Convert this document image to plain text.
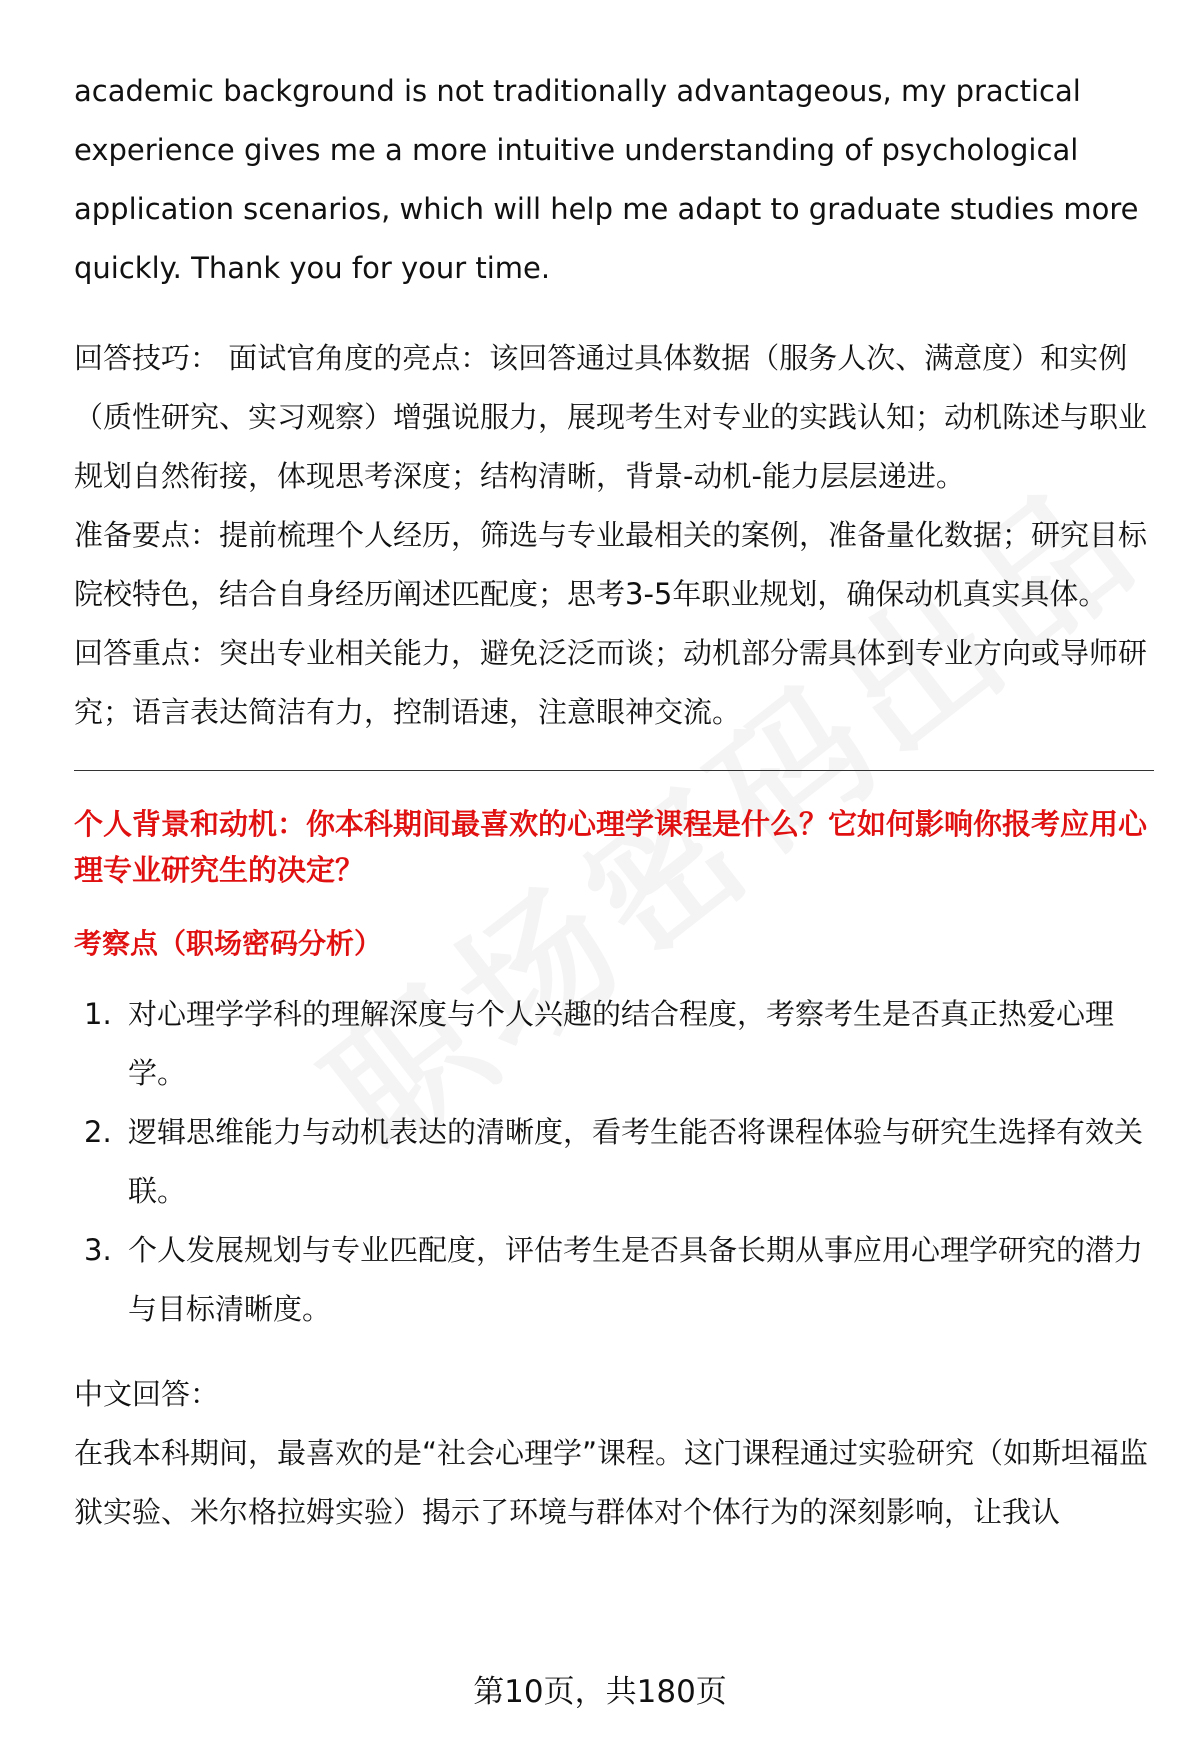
academic background is not traditionally advantageous, my practical experience gives me a more intuitive understanding of psychological application scenarios, which will help me adapt to graduate studies more quickly. Thank you for your time.

回答技巧： 面试官角度的亮点：该回答通过具体数据（服务人次、满意度）和实例（质性研究、实习观察）增强说服力，展现考生对专业的实践认知；动机陈述与职业规划自然衔接，体现思考深度；结构清晰，背景-动机-能力层层递进。

准备要点：提前梳理个人经历，筛选与专业最相关的案例，准备量化数据；研究目标院校特色，结合自身经历阐述匹配度；思考3-5年职业规划，确保动机真实具体。

回答重点：突出专业相关能力，避免泛泛而谈；动机部分需具体到专业方向或导师研究；语言表达简洁有力，控制语速，注意眼神交流。

个人背景和动机：你本科期间最喜欢的心理学课程是什么？它如何影响你报考应用心理专业研究生的决定？

考察点（职场密码分析）

1. 对心理学学科的理解深度与个人兴趣的结合程度，考察考生是否真正热爱心理学。
2. 逻辑思维能力与动机表达的清晰度，看考生能否将课程体验与研究生选择有效关联。
3. 个人发展规划与专业匹配度，评估考生是否具备长期从事应用心理学研究的潜力与目标清晰度。

中文回答：

在我本科期间，最喜欢的是“社会心理学”课程。这门课程通过实验研究（如斯坦福监狱实验、米尔格拉姆实验）揭示了环境与群体对个体行为的深刻影响，让我认

第10页，共180页
